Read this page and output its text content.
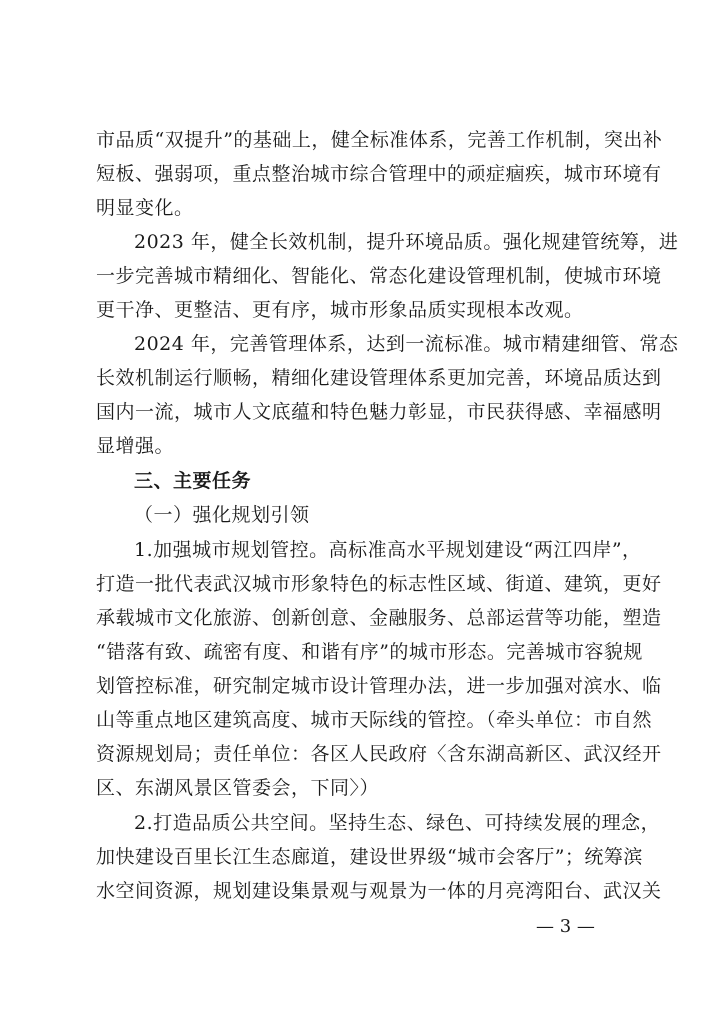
市品质“双提升”的基础上，健全标准体系，完善工作机制，突出补
短板、强弱项，重点整治城市综合管理中的顽症痼疾，城市环境有
明显变化。
2023 年，健全长效机制，提升环境品质。强化规建管统筹，进
一步完善城市精细化、智能化、常态化建设管理机制，使城市环境
更干净、更整洁、更有序，城市形象品质实现根本改观。
2024 年，完善管理体系，达到一流标准。城市精建细管、常态
长效机制运行顺畅，精细化建设管理体系更加完善，环境品质达到
国内一流，城市人文底蕴和特色魅力彰显，市民获得感、幸福感明
显增强。
三、主要任务
（一）强化规划引领
1.加强城市规划管控。高标准高水平规划建设“两江四岸”，
打造一批代表武汉城市形象特色的标志性区域、街道、建筑，更好
承载城市文化旅游、创新创意、金融服务、总部运营等功能，塑造
“错落有致、疏密有度、和谐有序”的城市形态。完善城市容貌规
划管控标准，研究制定城市设计管理办法，进一步加强对滨水、临
山等重点地区建筑高度、城市天际线的管控。（牵头单位：市自然
资源规划局；责任单位：各区人民政府〈含东湖高新区、武汉经开
区、东湖风景区管委会，下同〉）
2.打造品质公共空间。坚持生态、绿色、可持续发展的理念，
加快建设百里长江生态廊道，建设世界级“城市会客厅”；统筹滨
水空间资源，规划建设集景观与观景为一体的月亮湾阳台、武汉关
— 3 —
